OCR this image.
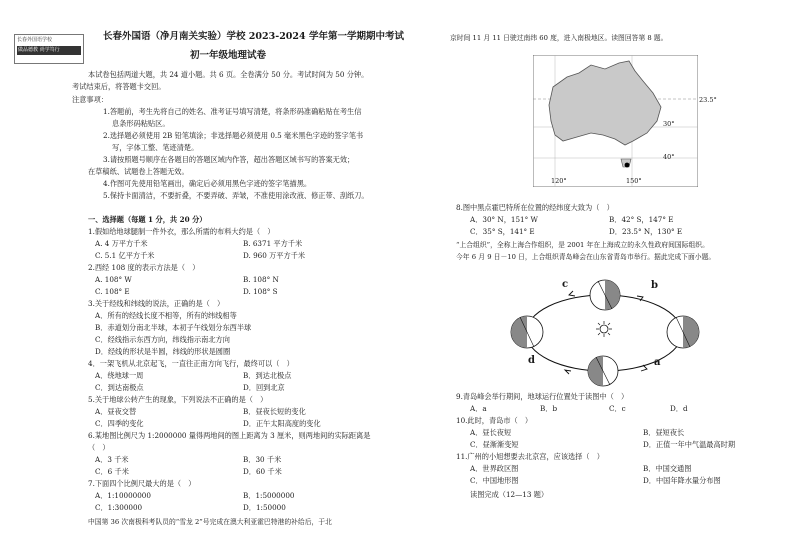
长春外国语学校
做品德教 尚学笃行
长春外国语（净月南关实验）学校 2023-2024 学年第一学期期中考试
初一年级地理试卷
本试卷包括两道大题，共 24 道小题。共 6 页。全卷满分 50 分。考试时间为 50 分钟。
考试结束后，将答题卡交回。
注意事项：
1.答题前，考生先将自己的姓名、准考证号填写清楚，将条形码准确粘贴在考生信
息条形码粘贴区。
2.选择题必须使用 2B 铅笔填涂；非选择题必须使用 0.5 毫米黑色字迹的签字笔书
写，字体工整、笔迹清楚。
3.请按照题号顺序在各题目的答题区域内作答，超出答题区域书写的答案无效；
在草稿纸、试题卷上答题无效。
4.作图可先使用铅笔画出，确定后必须用黑色字迹的签字笔描黑。
5.保持卡面清洁，不要折叠，不要弄破、弄皱，不准使用涂改液、修正带、刮纸刀。
一、选择题（每题 1 分，共 20 分）
1.假如给地球腿制一件外衣，那么所需的布料大约是（　）
A. 4 万平方千米	B. 6371 平方千米
C. 5.1 亿平方千米	D. 960 万平方千米
2.西经 108 度的表示方法是（　）
A. 108° W	B. 108° N
C. 108° E	D. 108° S
3.关于经线和纬线的说法，正确的是（　）
A．所有的经线长度不相等，所有的纬线相等
B．赤道划分南北半球，本初子午线划分东西半球
C．经线指示东西方向，纬线指示南北方向
D．经线的形状是半圆，纬线的形状是圆圈
4．一架飞机从北京起飞，一直往正南方向飞行，最终可以（　）
A．绕地球一周	B．到达北极点
C．到达南极点	D．回到北京
5.关于地球公转产生的现象，下列说法不正确的是（　）
A．昼夜交替	B．昼夜长短的变化
C．四季的变化	D．正午太阳高度的变化
6.某地图比例尺为 1:2000000 量得两地间的图上距离为 3 厘米，则两地间的实际距离是
（　）
A．3 千米	B．30 千米
C．6 千米	D．60 千米
7.下面四个比例尺最大的是（　）
A．1:10000000	B．1:5000000
C．1:300000	D．1:50000
中国第 36 次南极科考队员的“雪龙 2”号完成在澳大利亚霍巴特港的补给后，于北
京时间 11 月 11 日驶过南纬 60 度，进入南极地区。读图回答第 8 题。
23.5°
30°
40°
120°	150°
8.图中黑点霍巴特所在位置的经纬度大致为（　）
A．30° N，151° W	B．42° S，147° E
C．35° S，141° E	D．23.5° N，130° E
“上合组织”，全称上海合作组织，是 2001 年在上海成立的永久性政府间国际组织。
今年 6 月 9 日－10 日，上合组织青岛峰会在山东省青岛市举行。据此完成下面小题。
c	b
d	a
9.青岛峰会举行期间，地球运行位置处于读图中（　）
A．a	B．b	C．c	D．d
10.此时，青岛市（　）
A．昼长夜短	B．昼短夜长
C．昼渐渐变短	D．正值一年中气温最高时期
11.广州的小旭想要去北京宫，应该选择（　）
A．世界政区图	B．中国交通图
C．中国地形图	D．中国年降水量分布图
读图完成（12—13 题）
